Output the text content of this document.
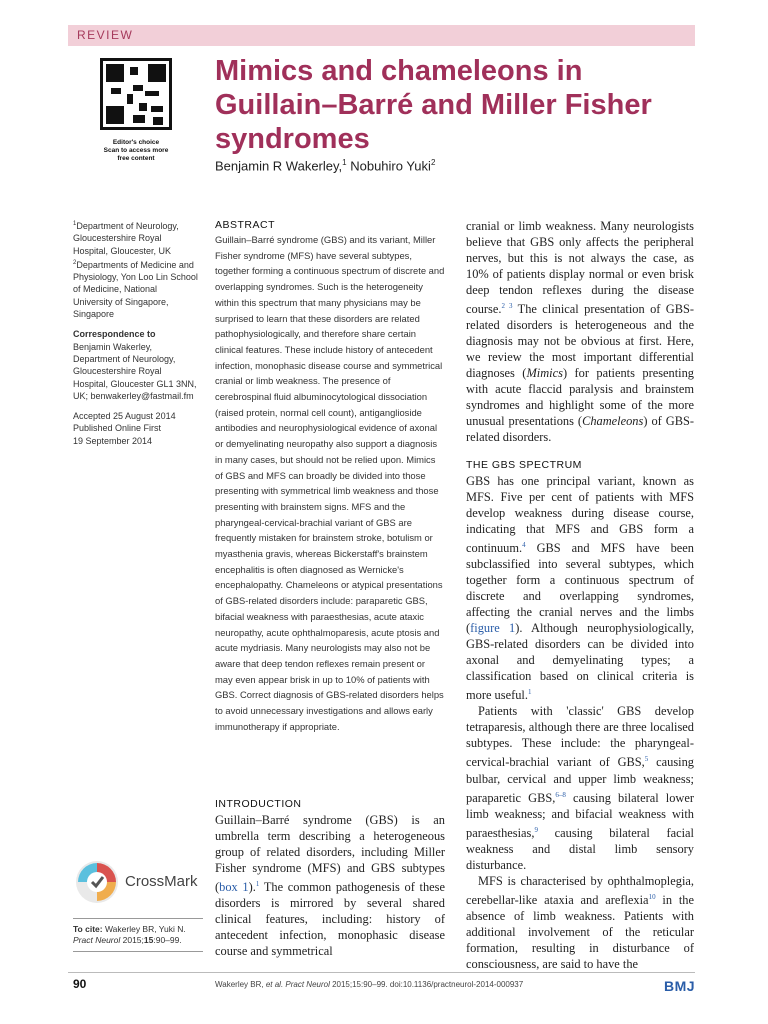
REVIEW
Editor's choice
Scan to access more
free content
Mimics and chameleons in Guillain–Barré and Miller Fisher syndromes
Benjamin R Wakerley,$^1$ Nobuhiro Yuki$^2$
$^1$Department of Neurology, Gloucestershire Royal Hospital, Gloucester, UK
$^2$Departments of Medicine and Physiology, Yon Loo Lin School of Medicine, National University of Singapore, Singapore
Correspondence to
Benjamin Wakerley, Department of Neurology, Gloucestershire Royal Hospital, Gloucester GL1 3NN, UK; benwakerley@fastmail.fm
Accepted 25 August 2014
Published Online First
19 September 2014
ABSTRACT

Guillain–Barré syndrome (GBS) and its variant, Miller Fisher syndrome (MFS) have several subtypes, together forming a continuous spectrum of discrete and overlapping syndromes. Such is the heterogeneity within this spectrum that many physicians may be surprised to learn that these disorders are related pathophysiologically, and therefore share certain clinical features. These include history of antecedent infection, monophasic disease course and symmetrical cranial or limb weakness. The presence of cerebrospinal fluid albuminocytological dissociation (raised protein, normal cell count), antiganglioside antibodies and neurophysiological evidence of axonal or demyelinating neuropathy also support a diagnosis in many cases, but should not be relied upon. Mimics of GBS and MFS can broadly be divided into those presenting with symmetrical limb weakness and those presenting with brainstem signs. MFS and the pharyngeal-cervical-brachial variant of GBS are frequently mistaken for brainstem stroke, botulism or myasthenia gravis, whereas Bickerstaff's brainstem encephalitis is often diagnosed as Wernicke's encephalopathy. Chameleons or atypical presentations of GBS-related disorders include: paraparetic GBS, bifacial weakness with paraesthesias, acute ataxic neuropathy, acute ophthalmoparesis, acute ptosis and acute mydriasis. Many neurologists may also not be aware that deep tendon reflexes remain present or may even appear brisk in up to 10% of patients with GBS. Correct diagnosis of GBS-related disorders helps to avoid unnecessary investigations and allows early immunotherapy if appropriate.

INTRODUCTION

Guillain–Barré syndrome (GBS) is an umbrella term describing a heterogeneous group of related disorders, including Miller Fisher syndrome (MFS) and GBS subtypes (box 1).$^1$ The common pathogenesis of these disorders is mirrored by several shared clinical features, including: history of antecedent infection, monophasic disease course and symmetrical

cranial or limb weakness. Many neurologists believe that GBS only affects the peripheral nerves, but this is not always the case, as 10% of patients display normal or even brisk deep tendon reflexes during the disease course.$^{2 3}$ The clinical presentation of GBS-related disorders is heterogeneous and the diagnosis may not be obvious at first. Here, we review the most important differential diagnoses (Mimics) for patients presenting with acute flaccid paralysis and brainstem syndromes and highlight some of the more unusual presentations (Chameleons) of GBS-related disorders.

THE GBS SPECTRUM

GBS has one principal variant, known as MFS. Five per cent of patients with MFS develop weakness during disease course, indicating that MFS and GBS form a continuum.$^4$ GBS and MFS have been subclassified into several subtypes, which together form a continuous spectrum of discrete and overlapping syndromes, affecting the cranial nerves and the limbs (figure 1). Although neurophysiologically, GBS-related disorders can be divided into axonal and demyelinating types; a classification based on clinical criteria is more useful.$^1$

Patients with 'classic' GBS develop tetraparesis, although there are three localised subtypes. These include: the pharyngeal-cervical-brachial variant of GBS,$^5$ causing bulbar, cervical and upper limb weakness; paraparetic GBS,$^{6-8}$ causing bilateral lower limb weakness; and bifacial weakness with paraesthesias,$^9$ causing bilateral facial weakness and distal limb sensory disturbance.

MFS is characterised by ophthalmoplegia, cerebellar-like ataxia and areflexia$^{10}$ in the absence of limb weakness. Patients with additional involvement of the reticular formation, resulting in disturbance of consciousness, are said to have the

CrossMark
To cite: Wakerley BR, Yuki N. Pract Neurol 2015;15:90–99.
90	Wakerley BR, et al. Pract Neurol 2015;15:90–99. doi:10.1136/practneurol-2014-000937	BMJ
